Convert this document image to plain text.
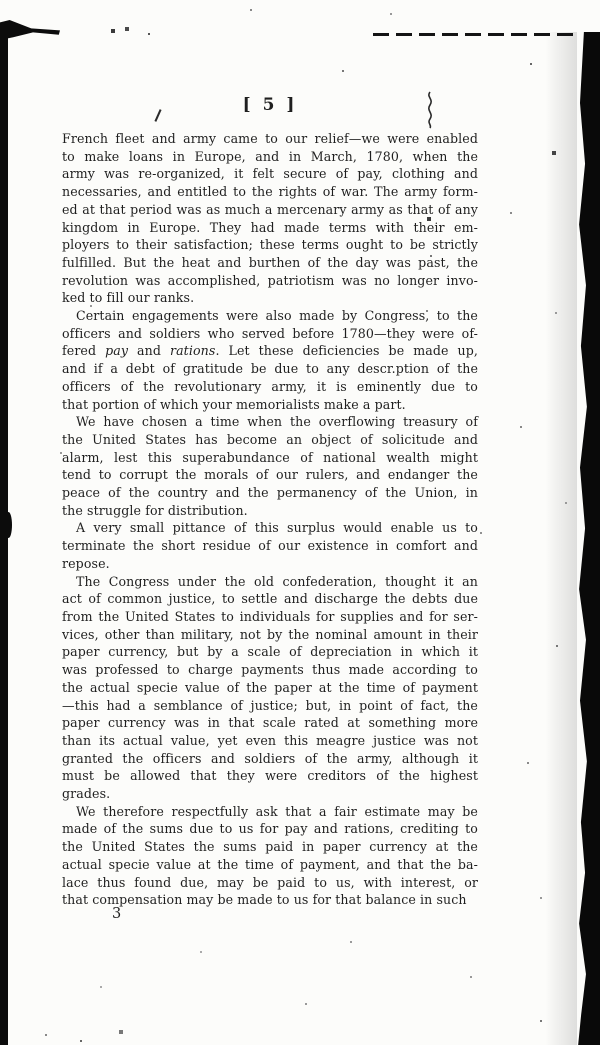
[ 5 ]
French fleet and army came to our relief—we were enabled
to make loans in Europe, and in March, 1780, when the
army was re-organized, it felt secure of pay, clothing and
necessaries, and entitled to the rights of war. The army form-
ed at that period was as much a mercenary army as that of any
kingdom in Europe. They had made terms with their em-
ployers to their satisfaction; these terms ought to be strictly
fulfilled. But the heat and burthen of the day was past, the
revolution was accomplished, patriotism was no longer invo-
ked to fill our ranks.
Certain engagements were also made by Congress, to the
officers and soldiers who served before 1780—they were of-
fered pay and rations. Let these deficiencies be made up,
and if a debt of gratitude be due to any descr.ption of the
officers of the revolutionary army, it is eminently due to
that portion of which your memorialists make a part.
We have chosen a time when the overflowing treasury of
the United States has become an object of solicitude and
alarm, lest this superabundance of national wealth might
tend to corrupt the morals of our rulers, and endanger the
peace of the country and the permanency of the Union, in
the struggle for distribution.
A very small pittance of this surplus would enable us to
terminate the short residue of our existence in comfort and
repose.
The Congress under the old confederation, thought it an
act of common justice, to settle and discharge the debts due
from the United States to individuals for supplies and for ser-
vices, other than military, not by the nominal amount in their
paper currency, but by a scale of depreciation in which it
was professed to charge payments thus made according to
the actual specie value of the paper at the time of payment
—this had a semblance of justice; but, in point of fact, the
paper currency was in that scale rated at something more
than its actual value, yet even this meagre justice was not
granted the officers and soldiers of the army, although it
must be allowed that they were creditors of the highest
grades.
We therefore respectfully ask that a fair estimate may be
made of the sums due to us for pay and rations, crediting to
the United States the sums paid in paper currency at the
actual specie value at the time of payment, and that the ba-
lace thus found due, may be paid to us, with interest, or
that compensation may be made to us for that balance in such
3
